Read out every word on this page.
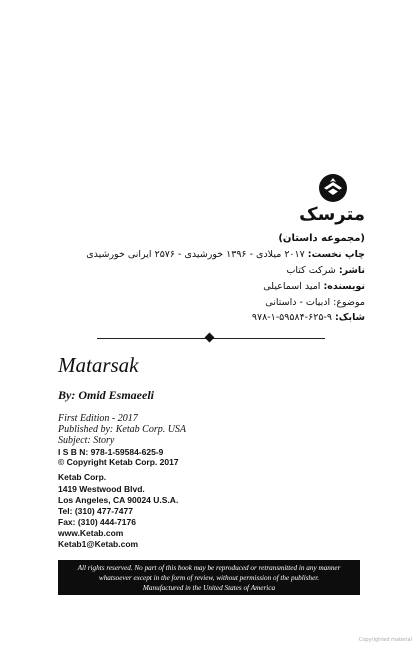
مترسک
(مجموعه داستان)
چاپ نخست: ۲۰۱۷ میلادی - ۱۳۹۶ خورشیدی - ۲۵۷۶ ایرانی خورشیدی
ناشر: شرکت کتاب
نویسنده: امید اسماعیلی
موضوع: ادبیات - داستانی
شابک: ۹۷۸-۱-۵۹۵۸۴-۶۲۵-۹
Matarsak
By: Omid Esmaeeli
First Edition - 2017
Published by: Ketab Corp. USA
Subject: Story
I S B N: 978-1-59584-625-9
© Copyright Ketab Corp. 2017
Ketab Corp.
1419 Westwood Blvd.
Los Angeles, CA 90024 U.S.A.
Tel: (310) 477-7477
Fax: (310) 444-7176
www.Ketab.com
Ketab1@Ketab.com
All rights reserved. No part of this book may be reproduced or retransmitted in any manner
whatsoever except in the form of review, without permission of the publisher.
Manufactured in the United States of America
Copyrighted material
